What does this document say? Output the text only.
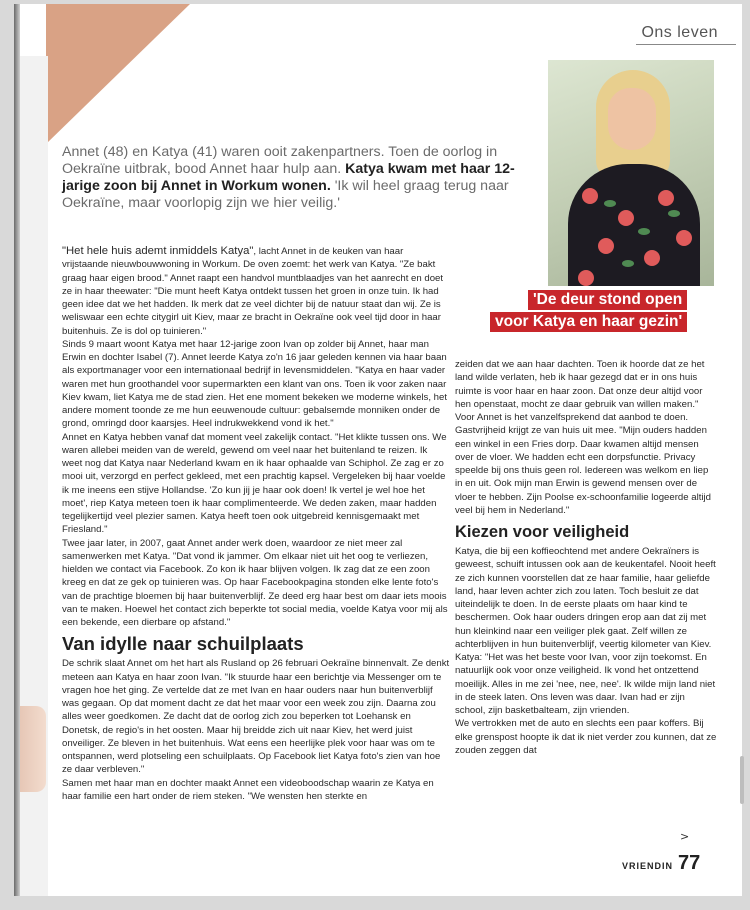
Ons leven
'De deur stond open
voor Katya en haar gezin'
Annet (48) en Katya (41) waren ooit zakenpartners. Toen de oorlog in Oekraïne uitbrak, bood Annet haar hulp aan. Katya kwam met haar 12-jarige zoon bij Annet in Workum wonen. 'Ik wil heel graag terug naar Oekraïne, maar voorlopig zijn we hier veilig.'

"Het hele huis ademt inmiddels Katya", lacht Annet in de keuken van haar vrijstaande nieuwbouwwoning in Workum. De oven zoemt: het werk van Katya. "Ze bakt graag haar eigen brood." Annet raapt een handvol muntblaadjes van het aanrecht en doet ze in haar theewater: "Die munt heeft Katya ontdekt tussen het groen in onze tuin. Ik had geen idee dat we het hadden. Ik merk dat ze veel dichter bij de natuur staat dan wij. Ze is weliswaar een echte citygirl uit Kiev, maar ze bracht in Oekraïne ook veel tijd door in haar buitenhuis. Ze is dol op tuinieren."

Sinds 9 maart woont Katya met haar 12-jarige zoon Ivan op zolder bij Annet, haar man Erwin en dochter Isabel (7). Annet leerde Katya zo'n 16 jaar geleden kennen via haar baan als exportmanager voor een internationaal bedrijf in levensmiddelen. "Katya en haar vader waren met hun groothandel voor supermarkten een klant van ons. Toen ik voor zaken naar Kiev kwam, liet Katya me de stad zien. Het ene moment bekeken we moderne winkels, het andere moment toonde ze me hun eeuwenoude cultuur: gebalsemde monniken onder de grond, omringd door kaarsjes. Heel indrukwekkend vond ik het."

Annet en Katya hebben vanaf dat moment veel zakelijk contact. "Het klikte tussen ons. We waren allebei meiden van de wereld, gewend om veel naar het buitenland te reizen. Ik weet nog dat Katya naar Nederland kwam en ik haar ophaalde van Schiphol. Ze zag er zo mooi uit, verzorgd en perfect gekleed, met een prachtig kapsel. Vergeleken bij haar voelde ik me ineens een stijve Hollandse. 'Zo kun jij je haar ook doen! Ik vertel je wel hoe het moet', riep Katya meteen toen ik haar complimenteerde. We deden zaken, maar hadden tegelijkertijd veel plezier samen. Katya heeft toen ook uitgebreid kennisgemaakt met Friesland."

Twee jaar later, in 2007, gaat Annet ander werk doen, waardoor ze niet meer zal samenwerken met Katya. "Dat vond ik jammer. Om elkaar niet uit het oog te verliezen, hielden we contact via Facebook. Zo kon ik haar blijven volgen. Ik zag dat ze een zoon kreeg en dat ze gek op tuinieren was. Op haar Facebookpagina stonden elke lente foto's van de prachtige bloemen bij haar buitenverblijf. Ze deed erg haar best om daar iets moois van te maken. Hoewel het contact zich beperkte tot social media, voelde Katya voor mij als een bekende, een dierbare op afstand."

Van idylle naar schuilplaats

De schrik slaat Annet om het hart als Rusland op 26 februari Oekraïne binnenvalt. Ze denkt meteen aan Katya en haar zoon Ivan. "Ik stuurde haar een berichtje via Messenger om te vragen hoe het ging. Ze vertelde dat ze met Ivan en haar ouders naar hun buitenverblijf was gegaan. Op dat moment dacht ze dat het maar voor een week zou zijn. Daarna zou alles weer goedkomen. Ze dacht dat de oorlog zich zou beperken tot Loehansk en Donetsk, de regio's in het oosten. Maar hij breidde zich uit naar Kiev, het werd juist onveiliger. Ze bleven in het buitenhuis. Wat eens een heerlijke plek voor haar was om te ontspannen, werd plotseling een schuilplaats. Op Facebook liet Katya foto's zien van hoe ze daar verbleven."

Samen met haar man en dochter maakt Annet een videoboodschap waarin ze Katya en haar familie een hart onder de riem steken. "We wensten hen sterkte en

zeiden dat we aan haar dachten. Toen ik hoorde dat ze het land wilde verlaten, heb ik haar gezegd dat er in ons huis ruimte is voor haar en haar zoon. Dat onze deur altijd voor hen openstaat, mocht ze daar gebruik van willen maken."

Voor Annet is het vanzelfsprekend dat aanbod te doen. Gastvrijheid krijgt ze van huis uit mee. "Mijn ouders hadden een winkel in een Fries dorp. Daar kwamen altijd mensen over de vloer. We hadden echt een dorpsfunctie. Privacy speelde bij ons thuis geen rol. Iedereen was welkom en liep in en uit. Ook mijn man Erwin is gewend mensen over de vloer te hebben. Zijn Poolse ex-schoonfamilie logeerde altijd veel bij hem in Nederland."

Kiezen voor veiligheid

Katya, die bij een koffieochtend met andere Oekraïners is geweest, schuift intussen ook aan de keukentafel. Nooit heeft ze zich kunnen voorstellen dat ze haar familie, haar geliefde land, haar leven achter zich zou laten. Toch besluit ze dat uiteindelijk te doen. In de eerste plaats om haar kind te beschermen. Ook haar ouders dringen erop aan dat zij met hun kleinkind naar een veiliger plek gaat. Zelf willen ze achterblijven in hun buitenverblijf, veertig kilometer van Kiev. Katya: "Het was het beste voor Ivan, voor zijn toekomst. En natuurlijk ook voor onze veiligheid. Ik vond het ontzettend moeilijk. Alles in me zei 'nee, nee, nee'. Ik wilde mijn land niet in de steek laten. Ons leven was daar. Ivan had er zijn school, zijn basketbalteam, zijn vrienden.

We vertrokken met de auto en slechts een paar koffers. Bij elke grenspost hoopte ik dat ik niet verder zou kunnen, dat ze zouden zeggen dat

>
VRIENDIN 77
